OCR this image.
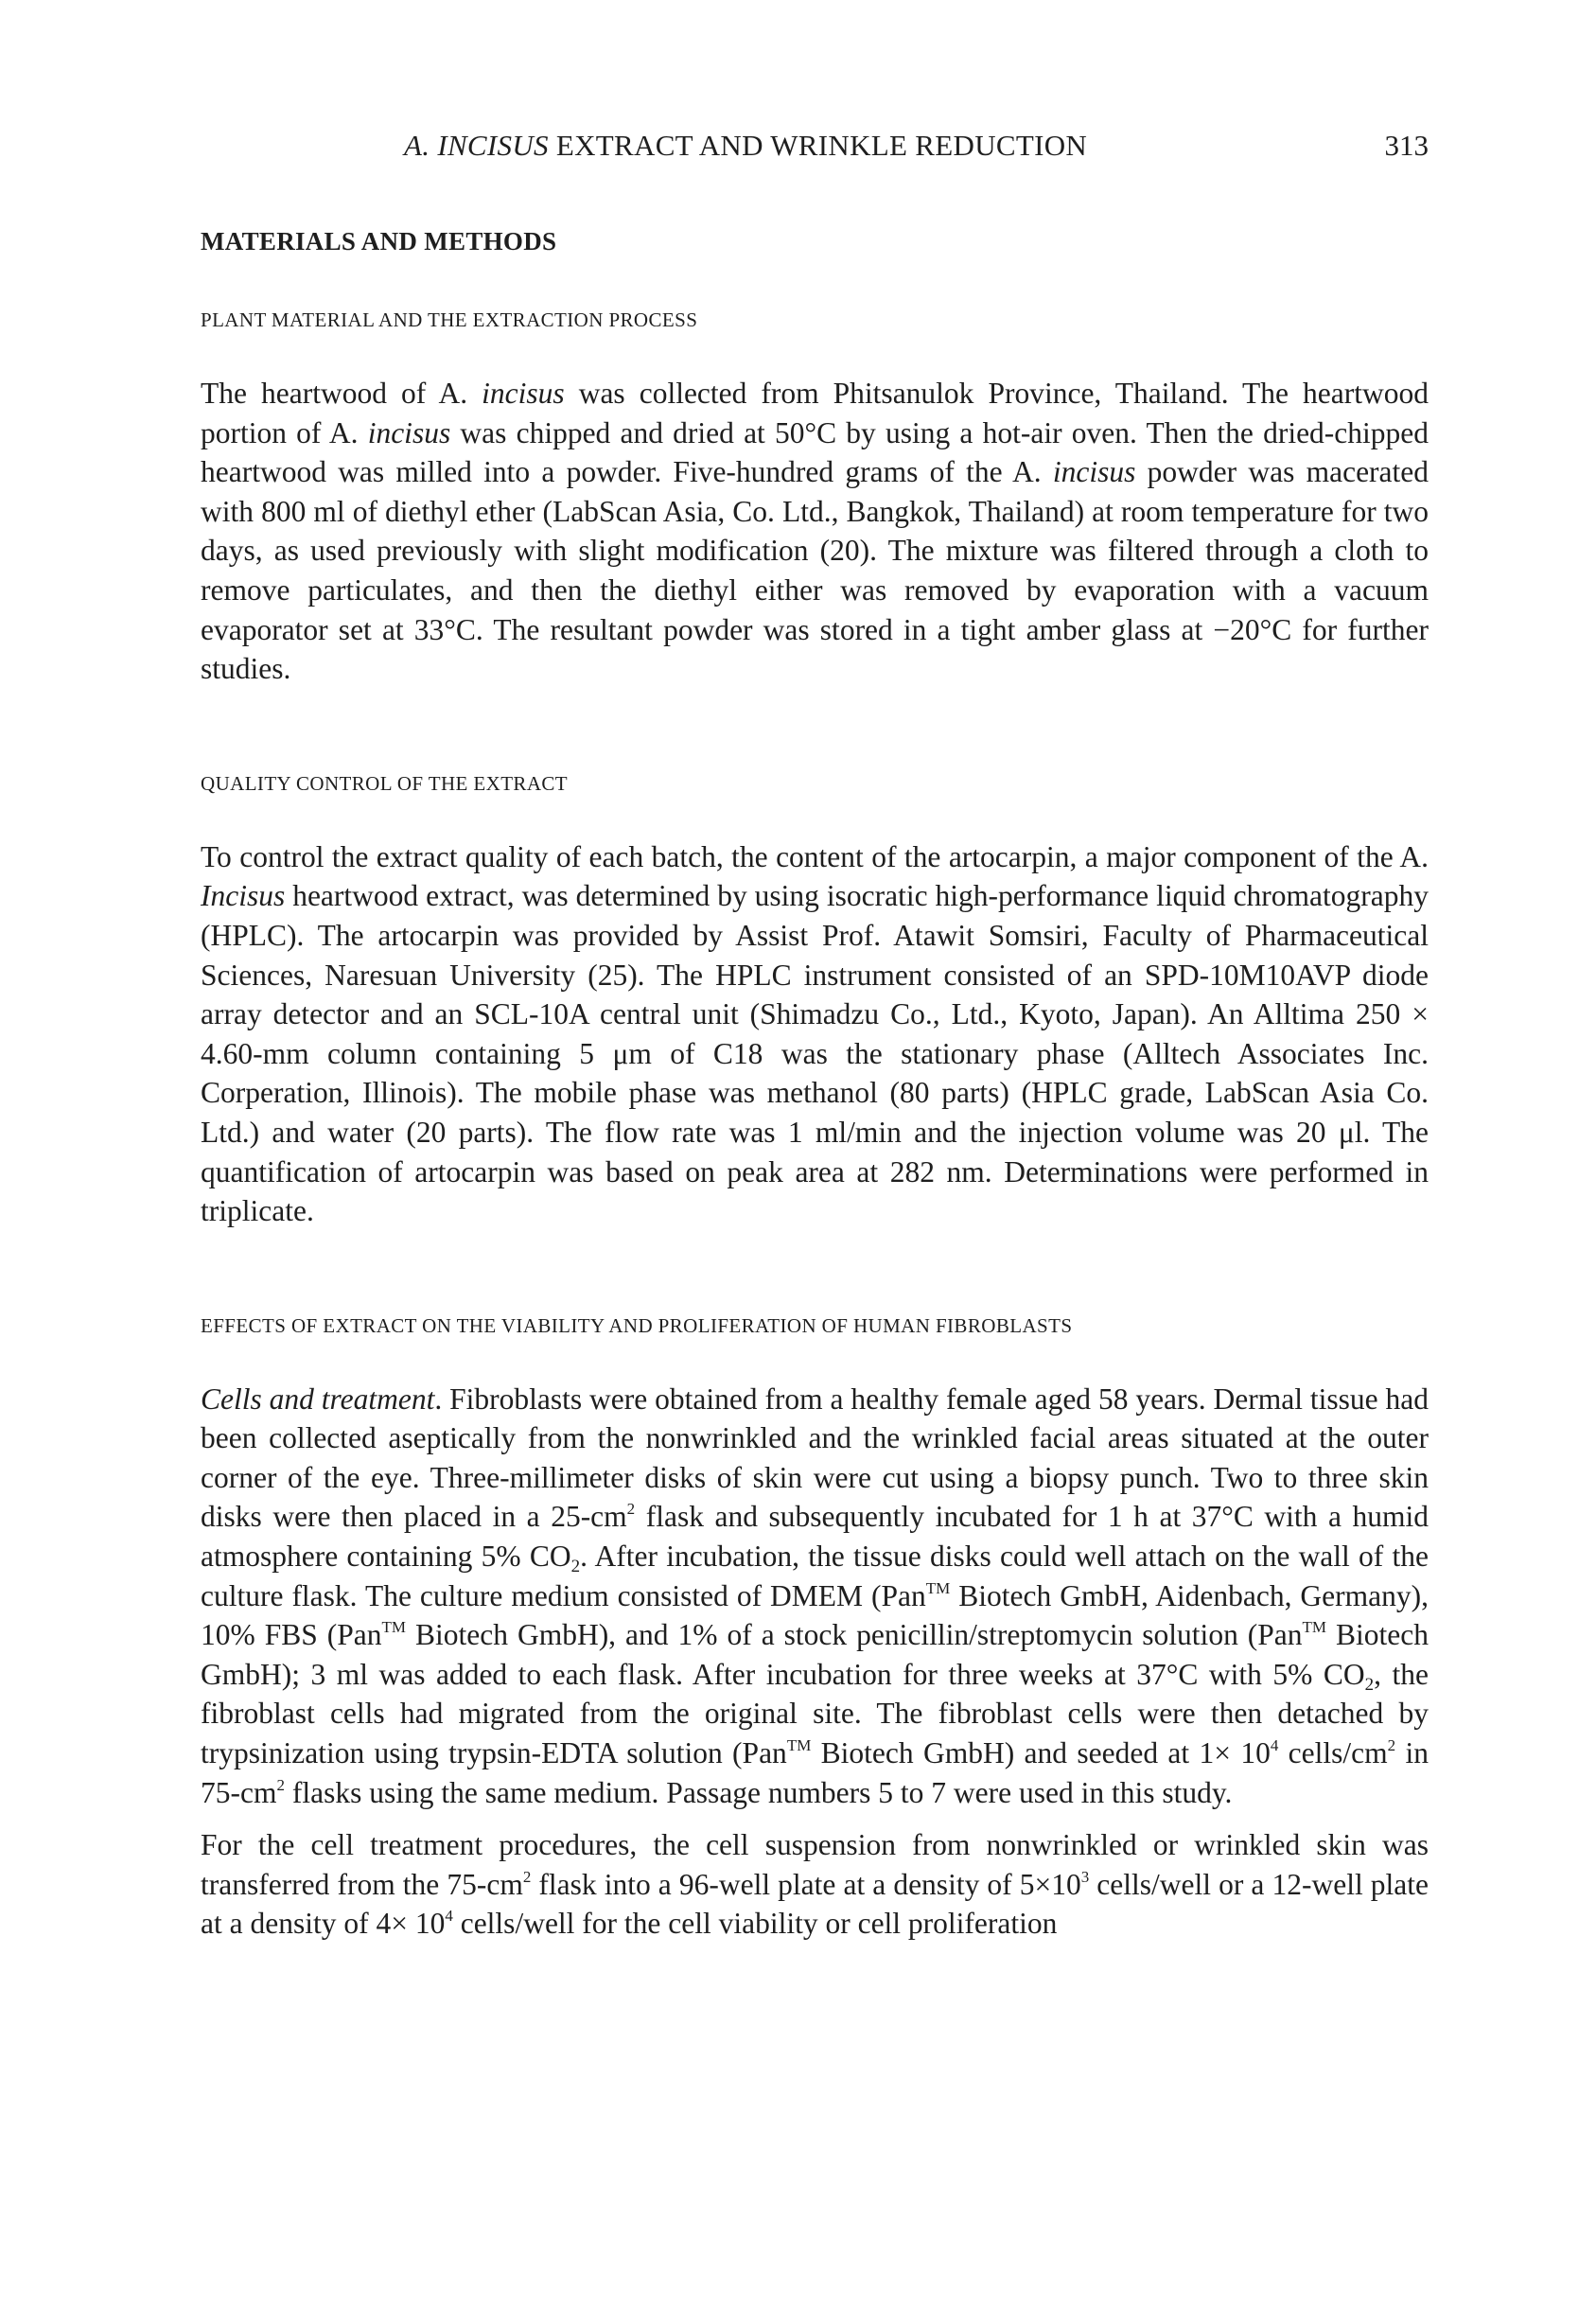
A. INCISUS EXTRACT AND WRINKLE REDUCTION	313
MATERIALS AND METHODS
PLANT MATERIAL AND THE EXTRACTION PROCESS

The heartwood of A. incisus was collected from Phitsanulok Province, Thailand. The heartwood portion of A. incisus was chipped and dried at 50°C by using a hot-air oven. Then the dried-chipped heartwood was milled into a powder. Five-hundred grams of the A. incisus powder was macerated with 800 ml of diethyl ether (LabScan Asia, Co. Ltd., Bangkok, Thailand) at room temperature for two days, as used previously with slight modification (20). The mixture was filtered through a cloth to remove particulates, and then the diethyl either was removed by evaporation with a vacuum evaporator set at 33°C. The resultant powder was stored in a tight amber glass at −20°C for further studies.

QUALITY CONTROL OF THE EXTRACT

To control the extract quality of each batch, the content of the artocarpin, a major component of the A. Incisus heartwood extract, was determined by using isocratic high-performance liquid chromatography (HPLC). The artocarpin was provided by Assist Prof. Atawit Somsiri, Faculty of Pharmaceutical Sciences, Naresuan University (25). The HPLC instrument consisted of an SPD-10M10AVP diode array detector and an SCL-10A central unit (Shimadzu Co., Ltd., Kyoto, Japan). An Alltima 250 × 4.60-mm column containing 5 μm of C18 was the stationary phase (Alltech Associates Inc. Corperation, Illinois). The mobile phase was methanol (80 parts) (HPLC grade, LabScan Asia Co. Ltd.) and water (20 parts). The flow rate was 1 ml/min and the injection volume was 20 μl. The quantification of artocarpin was based on peak area at 282 nm. Determinations were performed in triplicate.

EFFECTS OF EXTRACT ON THE VIABILITY AND PROLIFERATION OF HUMAN FIBROBLASTS

Cells and treatment. Fibroblasts were obtained from a healthy female aged 58 years. Dermal tissue had been collected aseptically from the nonwrinkled and the wrinkled facial areas situated at the outer corner of the eye. Three-millimeter disks of skin were cut using a biopsy punch. Two to three skin disks were then placed in a $25-cm^2$ flask and subsequently incubated for 1 h at 37°C with a humid atmosphere containing 5% $CO_2$. After incubation, the tissue disks could well attach on the wall of the culture flask. The culture medium consisted of DMEM (Pan™ Biotech GmbH, Aidenbach, Germany), 10% FBS (Pan™ Biotech GmbH), and 1% of a stock penicillin/streptomycin solution (Pan™ Biotech GmbH); 3 ml was added to each flask. After incubation for three weeks at 37°C with 5% $CO_2$, the fibroblast cells had migrated from the original site. The fibroblast cells were then detached by trypsinization using trypsin-EDTA solution (Pan™ Biotech GmbH) and seeded at $1\times 10^4$ cells/$cm^2$ in $75-cm^2$ flasks using the same medium. Passage numbers 5 to 7 were used in this study.

For the cell treatment procedures, the cell suspension from nonwrinkled or wrinkled skin was transferred from the $75-cm^2$ flask into a 96-well plate at a density of $5\times 10^3$ cells/well or a 12-well plate at a density of $4\times 10^4$ cells/well for the cell viability or cell proliferation
